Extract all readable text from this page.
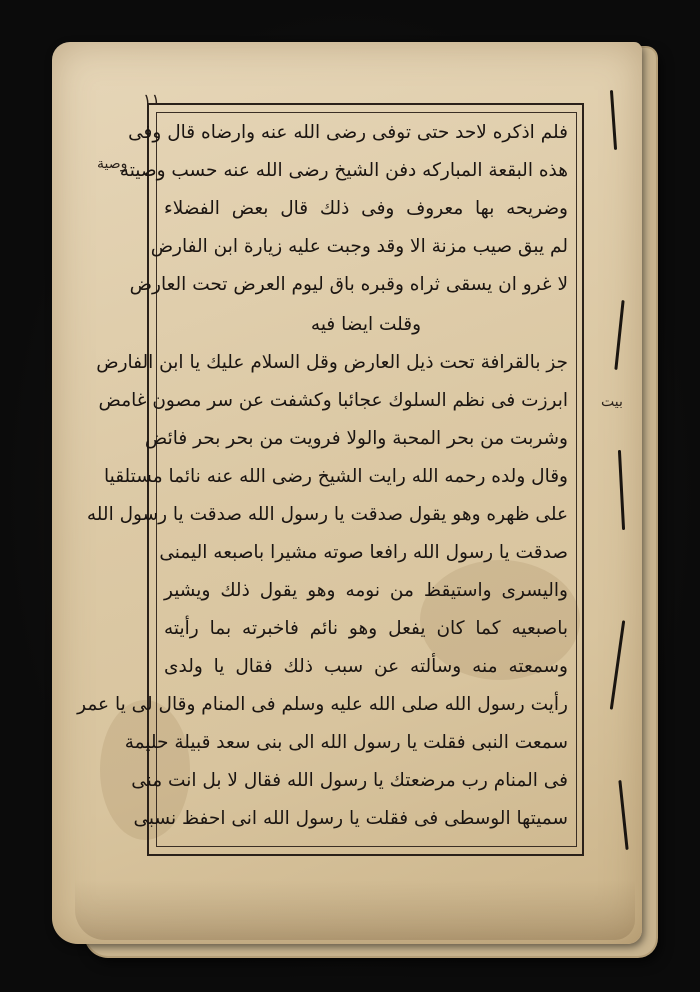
١١
وصية
بيت
فلم اذكره لاحد حتى توفى رضى الله عنه وارضاه قال وفى
هذه البقعة المباركه دفن الشيخ رضى الله عنه حسب وصيته
وضريحه بها معروف وفى ذلك قال بعض الفضلاء
لم يبق صيب مزنة الا وقد وجبت عليه زيارة ابن الفارض
لا غرو ان يسقى ثراه وقبره باق ليوم العرض تحت العارض
وقلت ايضا فيه
جز بالقرافة تحت ذيل العارض وقل السلام عليك يا ابن الفارض
ابرزت فى نظم السلوك عجائبا وكشفت عن سر مصون غامض
وشربت من بحر المحبة والولا فرويت من بحر بحر فائض
وقال ولده رحمه الله رايت الشيخ رضى الله عنه نائما مستلقيا
على ظهره وهو يقول صدقت يا رسول الله صدقت يا رسول الله
صدقت يا رسول الله رافعا صوته مشيرا باصبعه اليمنى
واليسرى واستيقظ من نومه وهو يقول ذلك ويشير
باصبعيه كما كان يفعل وهو نائم فاخبرته بما رأيته
وسمعته منه وسألته عن سبب ذلك فقال يا ولدى
رأيت رسول الله صلى الله عليه وسلم فى المنام وقال لى يا عمر
سمعت النبى فقلت يا رسول الله الى بنى سعد قبيلة حليمة
فى المنام رب مرضعتك يا رسول الله فقال لا بل انت منى
سميتها الوسطى فى فقلت يا رسول الله انى احفظ نسبى
